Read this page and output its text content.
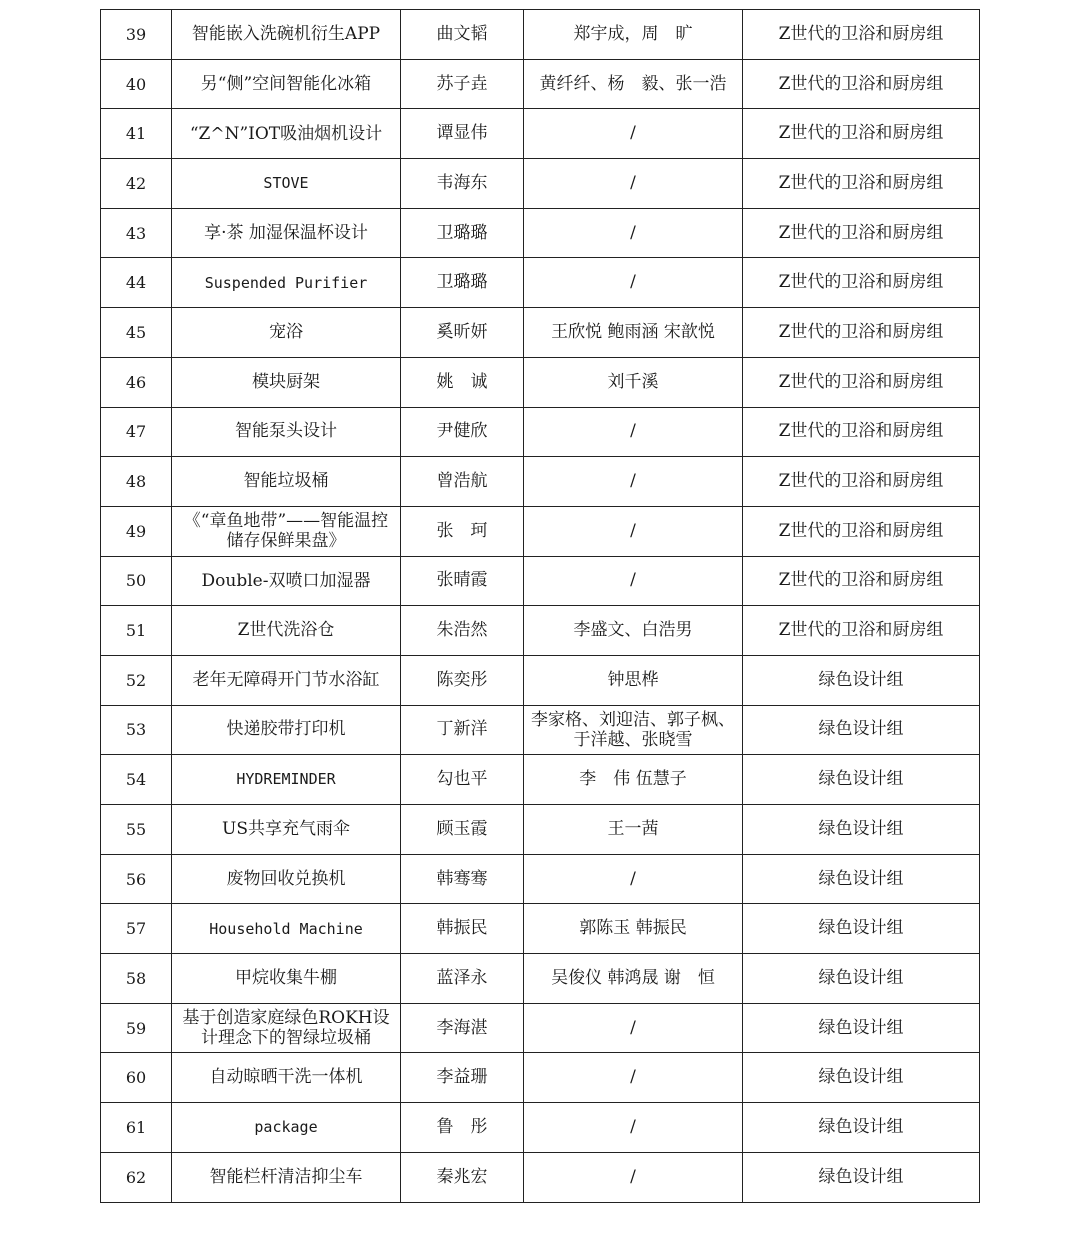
39	智能嵌入洗碗机衍生APP	曲文韬	郑宇成，周　旷	Z世代的卫浴和厨房组
40	另“侧”空间智能化冰箱	苏子垚	黄纤纤、杨　毅、张一浩	Z世代的卫浴和厨房组
41	“Z^N”IOT吸油烟机设计	谭显伟	/	Z世代的卫浴和厨房组
42	STOVE	韦海东	/	Z世代的卫浴和厨房组
43	享·茶 加湿保温杯设计	卫璐璐	/	Z世代的卫浴和厨房组
44	Suspended Purifier	卫璐璐	/	Z世代的卫浴和厨房组
45	宠浴	奚昕妍	王欣悦 鲍雨涵 宋歆悦	Z世代的卫浴和厨房组
46	模块厨架	姚　诚	刘千溪	Z世代的卫浴和厨房组
47	智能泵头设计	尹健欣	/	Z世代的卫浴和厨房组
48	智能垃圾桶	曾浩航	/	Z世代的卫浴和厨房组
49	《“章鱼地带”——智能温控储存保鲜果盘》	张　珂	/	Z世代的卫浴和厨房组
50	Double-双喷口加湿器	张晴霞	/	Z世代的卫浴和厨房组
51	Z世代洗浴仓	朱浩然	李盛文、白浩男	Z世代的卫浴和厨房组
52	老年无障碍开门节水浴缸	陈奕彤	钟思桦	绿色设计组
53	快递胶带打印机	丁新洋	李家格、刘迎洁、郭子枫、于洋越、张晓雪	绿色设计组
54	HYDREMINDER	勾也平	李　伟 伍慧子	绿色设计组
55	US共享充气雨伞	顾玉霞	王一茜	绿色设计组
56	废物回收兑换机	韩骞骞	/	绿色设计组
57	Household Machine	韩振民	郭陈玉 韩振民	绿色设计组
58	甲烷收集牛棚	蓝泽永	吴俊仪 韩鸿晟 谢　恒	绿色设计组
59	基于创造家庭绿色ROKH设计理念下的智绿垃圾桶	李海湛	/	绿色设计组
60	自动晾晒干洗一体机	李益珊	/	绿色设计组
61	package	鲁　彤	/	绿色设计组
62	智能栏杆清洁抑尘车	秦兆宏	/	绿色设计组
